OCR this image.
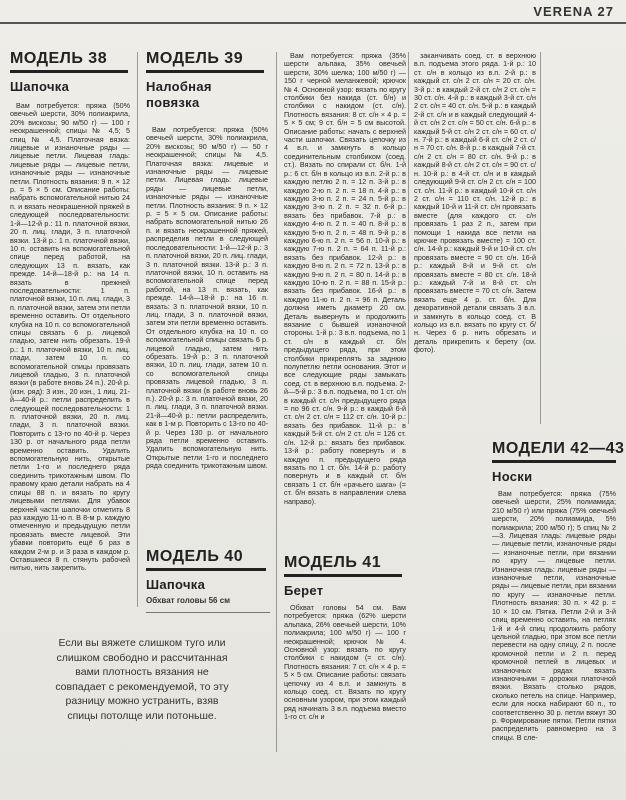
VERENA 27
МОДЕЛЬ 38
Шапочка

Вам потребуется: пряжа (50% овечьей шерсти, 30% полиакрила, 20% вискозы; 90 м/50 г) — 100 г неокрашенной; спицы № 4,5; 5 спиц № 4,5. Платочная вязка: лицевые и изнаночные ряды — лицевые петли. Лицевая гладь: лицевые ряды — лицевые петли, изнаночные ряды — изнаночные петли. Плотность вязания: 9 п. × 12 р. = 5 × 5 см. Описание работы: набрать вспомогательной нитью 24 п. и вязать неокрашенной пряжей в следующей последовательности: 1-й—12-й р.: 11 п. платочной вязки, 20 п. лиц. глади, 3 п. платочной вязки. 13-й р.: 1 п. платочной вязки, 10 п. оставить на вспомогательной спице перед работой, на следующих 13 п. вязать, как прежде. 14-й—18-й р.: на 14 п. вязать в прежней последовательности: 1 п. платочной вязки, 10 п. лиц. глади, 3 п. платочной вязки, затем эти петли временно оставить. От отдельного клубка на 10 п. со вспомогательной спицы связать 6 р. лицевой гладью, затем нить обрезать. 19-й р.: 1 п. платочной вязки, 10 п. лиц. глади, затем 10 п. со вспомогательной спицы провязать лицевой гладью, 3 п. платочной вязки (в работе вновь 24 п.). 20-й р. (изн. ряд): 3 изн., 20 изн., 1 лиц. 21-й—40-й р.: петли распределить в следующей последовательности: 1 п. платочной вязки, 20 п. лиц. глади, 3 п. платочной вязки. Повторить с 13-го по 40-й р. Через 130 р. от начального ряда петли временно оставить. Удалить вспомогательную нить, открытые петли 1-го и последнего ряда соединить трикотажным швом. По правому краю детали набрать на 4 спицы 88 п. и вязать по кругу лицевыми петлями. Для убавок верхней части шапочки отметить 8 раз каждую 11-ю п. В 8-м р. каждую отмеченную и предыдущую петли провязать вместе лицевой. Эти убавки повторить ещё 6 раз в каждом 2-м р. и 3 раза в каждом р. Оставшиеся 8 п. стянуть рабочей нитью, нить закрепить.

МОДЕЛЬ 39
Налобная повязка

Вам потребуется: пряжа (50% овечьей шерсти, 30% полиакрила, 20% вискозы; 90 м/50 г) — 50 г неокрашенной; спицы № 4,5. Платочная вязка: лицевые и изнаночные ряды — лицевые петли. Лицевая гладь: лицевые ряды — лицевые петли, изнаночные ряды — изнаночные петли. Плотность вязания: 9 п. × 12 р. = 5 × 5 см. Описание работы: набрать вспомогательной нитью 26 п. и вязать неокрашенной пряжей, распределив петли в следующей последовательности: 1-й—12-й р.: 3 п. платочной вязки, 20 п. лиц. глади, 3 п. платочной вязки. 13-й р.: 3 п. платочной вязки, 10 п. оставить на вспомогательной спице перед работой, на 13 п. вязать, как прежде. 14-й—18-й р.: на 16 п. вязать: 3 п. платочной вязки, 10 п. лиц. глади, 3 п. платочной вязки, затем эти петли временно оставить. От отдельного клубка на 10 п. со вспомогательной спицы связать 6 р. лицевой гладью, затем нить обрезать. 19-й р.: 3 п. платочной вязки, 10 п. лиц. глади, затем 10 п. со вспомогательной спицы провязать лицевой гладью, 3 п. платочной вязки (в работе вновь 26 п.). 20-й р.: 3 п. платочной вязки, 20 п. лиц. глади, 3 п. платочной вязки. 21-й—40-й р.: петли распределить, как в 1-м р. Повторить с 13-го по 40-й р. Через 130 р. от начального ряда петли временно оставить. Удалить вспомогательную нить. Открытые петли 1-го и последнего ряда соединить трикотажным швом.

Вам потребуется: пряжа (35% шерсти альпака, 35% овечьей шерсти, 30% шелка; 100 м/50 г) — 150 г черной меланжевой; крючок № 4. Основной узор: вязать по кругу столбики без накида (ст. б/н) и столбики с накидом (ст. с/н). Плотность вязания: 8 ст. с/н × 4 р. = 5 × 5 см; 9 ст. б/н = 5 см высотой. Описание работы: начать с верхней части шапочки. Связать цепочку из 4 в.п. и замкнуть в кольцо соединительным столбиком (соед. ст.). Вязать по спирали ст. б/н. 1-й р.: 6 ст. б/н в кольцо из в.п. 2-й р.: в каждую петлю 2 п. = 12 п. 3-й р.: в каждую 2-ю п. 2 п. = 18 п. 4-й р.: в каждую 3-ю п. 2 п. = 24 п. 5-й р.: в каждую 3-ю п. 2 п. = 32 п. 6-й р.: вязать без прибавок. 7-й р.: в каждую 4-ю п. 2 п. = 40 п. 8-й р.: в каждую 5-ю п. 2 п. = 48 п. 9-й р.: в каждую 6-ю п. 2 п. = 56 п. 10-й р.: в каждую 7-ю п. 2 п. = 64 п. 11-й р.: вязать без прибавок. 12-й р.: в каждую 8-ю п. 2 п. = 72 п. 13-й р.: в каждую 9-ю п. 2 п. = 80 п. 14-й р.: в каждую 10-ю п. 2 п. = 88 п. 15-й р.: вязать без прибавок. 16-й р.: в каждую 11-ю п. 2 п. = 96 п. Деталь должна иметь диаметр 20 см. Деталь вывернуть и продолжить вязание с бывшей изнаночной стороны. 1-й р.: 3 в.п. подъема, по 1 ст. с/н в каждый ст. б/н предыдущего ряда, при этом столбики прикреплять за заднюю полупетлю петли основания. Этот и все следующие ряды замыкать соед. ст. в верхнюю в.п. подъема. 2-й—5-й р.: 3 в.п. подъема, по 1 ст. с/н в каждый ст. с/н предыдущего ряда = по 96 ст. с/н. 9-й р.: в каждый 6-й ст. с/н 2 ст. с/н = 112 ст. с/н. 10-й р.: вязать без прибавок. 11-й р.: в каждый 5-й ст. с/н 2 ст. с/н = 126 ст. с/н. 12-й р.: вязать без прибавок. 13-й р.: работу повернуть и в каждую п. предыдущего ряда вязать по 1 ст. б/н. 14-й р.: работу повернуть и в каждый ст. б/н связать 1 ст. б/н «рачьего шага» (= ст. б/н вязать в направлении слева направо).

заканчивать соед. ст. в верхнюю в.п. подъема этого ряда. 1-й р.: 10 ст. с/н в кольцо из в.п. 2-й р.: в каждый ст. с/н 2 ст. с/н = 20 ст. с/н. 3-й р.: в каждый 2-й ст. с/н 2 ст. с/н = 30 ст. с/н. 4-й р.: в каждый 3-й ст. с/н 2 ст. с/н = 40 ст. с/н. 5-й р.: в каждый 2-й ст. с/н и в каждый следующий 4-й ст. с/н 2 ст. с/н = 50 ст. с/н. 6-й р.: в каждый 5-й ст. с/н 2 ст. с/н = 60 ст. с/н. 7-й р.: в каждый 6-й ст. с/н 2 ст. с/н = 70 ст. с/н. 8-й р.: в каждый 7-й ст. с/н 2 ст. с/н = 80 ст. с/н. 9-й р.: в каждый 8-й ст. с/н 2 ст. с/н = 90 ст. с/н. 10-й р.: в 4-й ст. с/н и в каждый следующий 9-й ст. с/н 2 ст. с/н = 100 ст. с/н. 11-й р.: в каждый 10-й ст. с/н 2 ст. с/н = 110 ст. с/н. 12-й р.: в каждый 10-й и 11-й ст. с/н провязать вместе (для каждого ст. с/н провязать 1 раз 2 п., затем при помощи 1 накида все петли на крючке провязать вместе) = 100 ст. с/н. 14-й р.: каждый 9-й и 10-й ст. с/н провязать вместе = 90 ст. с/н. 16-й р.: каждый 8-й и 9-й ст. с/н провязать вместе = 80 ст. с/н. 18-й р.: каждый 7-й и 8-й ст. с/н провязать вместе = 70 ст. с/н. Затем вязать еще 4 р. ст. б/н. Для декоративной детали связать 3 в.п. и замкнуть в кольцо соед. ст. В кольцо из в.п. вязать по кругу ст. б/н. Через 6 р. нить обрезать и деталь прикрепить к берету (см. фото).

МОДЕЛЬ 40
Шапочка
Обхват головы 56 см
МОДЕЛЬ 41
Берет

Обхват головы 54 см. Вам потребуется: пряжа (62% шерсти альпака, 26% овечьей шерсти, 10% полиакрила; 100 м/50 г) — 100 г неокрашенной; крючок № 4. Основной узор: вязать по кругу столбики с накидом (= ст. с/н). Плотность вязания: 7 ст. с/н × 4 р. = 5 × 5 см. Описание работы: связать цепочку из 4 в.п. и замкнуть в кольцо соед. ст. Вязать по кругу основным узором, при этом каждый ряд начинать 3 в.п. подъема вместо 1-го ст. с/н и

МОДЕЛИ 42—43
Носки

Вам потребуется: пряжа (75% овечьей шерсти, 25% полиамида; 210 м/50 г) или пряжа (75% овечьей шерсти, 20% полиамида, 5% полиакрила; 200 м/50 г); 5 спиц № 2—3. Лицевая гладь: лицевые ряды — лицевые петли, изнаночные ряды — изнаночные петли, при вязании по кругу — лицевые петли. Изнаночная гладь: лицевые ряды — изнаночные петли, изнаночные ряды — лицевые петли, при вязании по кругу — изнаночные петли. Плотность вязания: 30 п. × 42 р. = 10 × 10 см. Пятка. Петли 2-й и 3-й спиц временно оставить, на петлях 1-й и 4-й спиц продолжить работу цельной гладью, при этом все петли перевести на одну спицу, 2 п. после кромочной петли и 2 п. перед кромочной петлей в лицевых и изнаночных рядах вязать изнаночными = дорожки платочной вязки. Вязать столько рядов, сколько петель на спице. Например, если для носка набирают 60 п., то соответственно 30 р. петли вяжут 30 р. Формирование пятки. Петли пятки распределить равномерно на 3 спицы. В сле-

Если вы вяжете слишком туго или слишком свободно и рассчитанная вами плотность вязания не совпадает с рекомендуемой, то эту разницу можно устранить, взяв спицы потолще или потоньше.
